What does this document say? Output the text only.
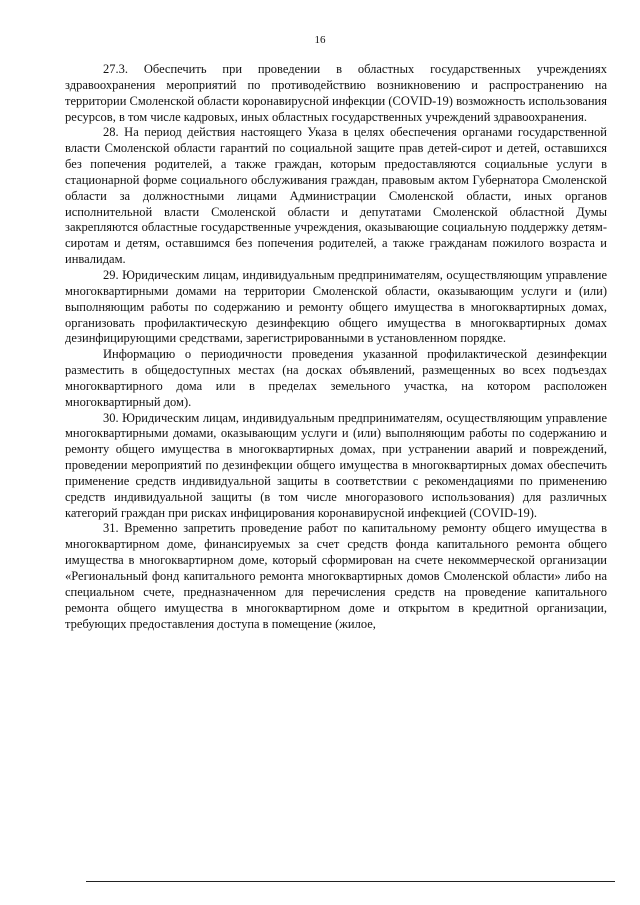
16

27.3. Обеспечить при проведении в областных государственных учреждениях здравоохранения мероприятий по противодействию возникновению и распространению на территории Смоленской области коронавирусной инфекции (COVID-19) возможность использования ресурсов, в том числе кадровых, иных областных государственных учреждений здравоохранения.

28. На период действия настоящего Указа в целях обеспечения органами государственной власти Смоленской области гарантий по социальной защите прав детей-сирот и детей, оставшихся без попечения родителей, а также граждан, которым предоставляются социальные услуги в стационарной форме социального обслуживания граждан, правовым актом Губернатора Смоленской области за должностными лицами Администрации Смоленской области, иных органов исполнительной власти Смоленской области и депутатами Смоленской областной Думы закрепляются областные государственные учреждения, оказывающие социальную поддержку детям-сиротам и детям, оставшимся без попечения родителей, а также гражданам пожилого возраста и инвалидам.

29. Юридическим лицам, индивидуальным предпринимателям, осуществляющим управление многоквартирными домами на территории Смоленской области, оказывающим услуги и (или) выполняющим работы по содержанию и ремонту общего имущества в многоквартирных домах, организовать профилактическую дезинфекцию общего имущества в многоквартирных домах дезинфицирующими средствами, зарегистрированными в установленном порядке.

Информацию о периодичности проведения указанной профилактической дезинфекции разместить в общедоступных местах (на досках объявлений, размещенных во всех подъездах многоквартирного дома или в пределах земельного участка, на котором расположен многоквартирный дом).

30. Юридическим лицам, индивидуальным предпринимателям, осуществляющим управление многоквартирными домами, оказывающим услуги и (или) выполняющим работы по содержанию и ремонту общего имущества в многоквартирных домах, при устранении аварий и повреждений, проведении мероприятий по дезинфекции общего имущества в многоквартирных домах обеспечить применение средств индивидуальной защиты в соответствии с рекомендациями по применению средств индивидуальной защиты (в том числе многоразового использования) для различных категорий граждан при рисках инфицирования коронавирусной инфекцией (COVID-19).

31. Временно запретить проведение работ по капитальному ремонту общего имущества в многоквартирном доме, финансируемых за счет средств фонда капитального ремонта общего имущества в многоквартирном доме, который сформирован на счете некоммерческой организации «Региональный фонд капитального ремонта многоквартирных домов Смоленской области» либо на специальном счете, предназначенном для перечисления средств на проведение капитального ремонта общего имущества в многоквартирном доме и открытом в кредитной организации, требующих предоставления доступа в помещение (жилое,
